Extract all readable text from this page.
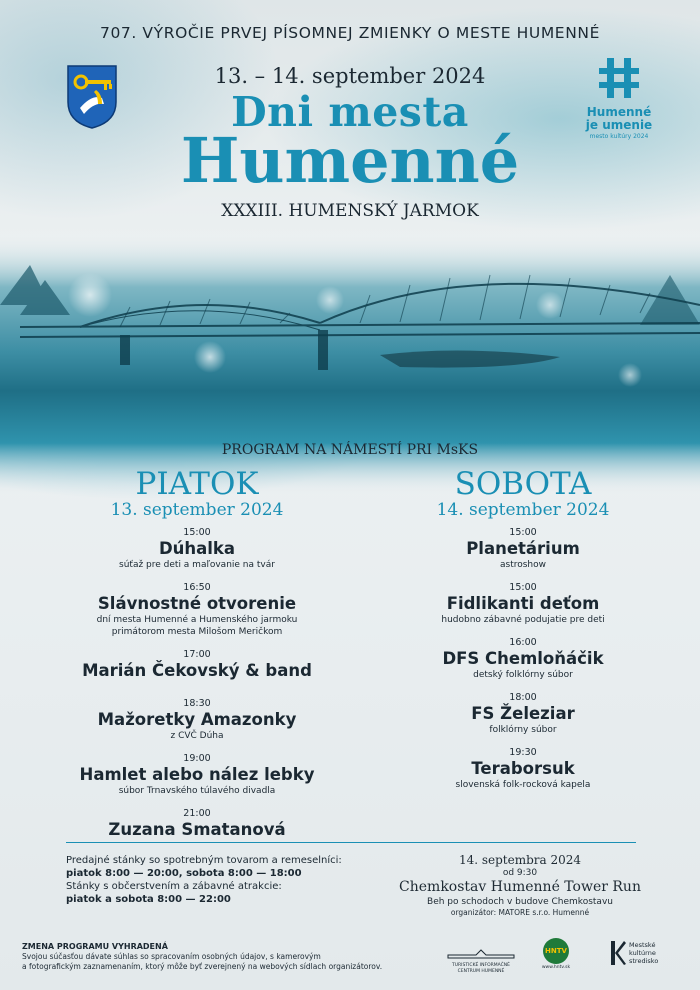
707. VÝROČIE PRVEJ PÍSOMNEJ ZMIENKY O MESTE HUMENNÉ
13. – 14. september 2024
Dni mesta
Humenné
XXXIII. HUMENSKÝ JARMOK
Humenné
je umenie
mesto kultúry 2024
PROGRAM NA NÁMESTÍ PRI MsKS
PIATOK
13. september 2024
15:00
Dúhalka
súťaž pre deti a maľovanie na tvár
16:50
Slávnostné otvorenie
dní mesta Humenné a Humenského jarmoku
primátorom mesta Milošom Meričkom
17:00
Marián Čekovský & band
18:30
Mažoretky Amazonky
z CVČ Dúha
19:00
Hamlet alebo nález lebky
súbor Trnavského túlavého divadla
21:00
Zuzana Smatanová
SOBOTA
14. september 2024
15:00
Planetárium
astroshow
15:00
Fidlikanti deťom
hudobno zábavné podujatie pre deti
16:00
DFS Chemloňáčik
detský folklórny súbor
18:00
FS Železiar
folklórny súbor
19:30
Teraborsuk
slovenská folk-rocková kapela
Predajné stánky so spotrebným tovarom a remeselníci:
piatok 8:00 — 20:00, sobota 8:00 — 18:00
Stánky s občerstvením a zábavné atrakcie:
piatok a sobota 8:00 — 22:00
14. septembra 2024
od 9:30
Chemkostav Humenné Tower Run
Beh po schodoch v budove Chemkostavu
organizátor: MATORE s.r.o. Humenné
ZMENA PROGRAMU VYHRADENÁ
Svojou súčasťou dávate súhlas so spracovaním osobných údajov, s kamerovým
a fotografickým zaznamenaním, ktorý môže byť zverejnený na webových sídlach organizátorov.	TURISTICKÉ INFORMAČNÉ
CENTRUM HUMENNÉ
HNTV
www.hntv.sk
Mestské
kultúrne
stredisko
